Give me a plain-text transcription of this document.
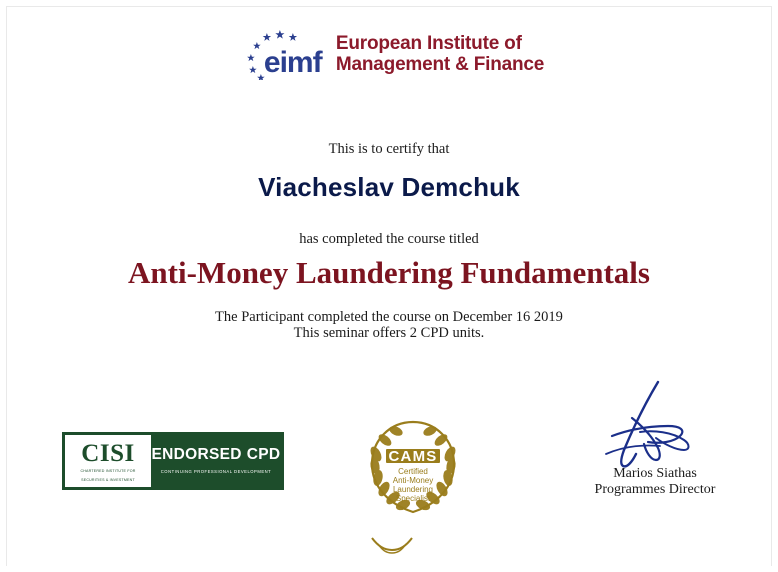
eimf
European Institute of
Management & Finance
This is to certify that
Viacheslav Demchuk
has completed the course titled
Anti-Money Laundering Fundamentals
The Participant completed the course on December 16 2019
This seminar offers 2 CPD units.
CISI
CHARTERED INSTITUTE FOR
SECURITIES & INVESTMENT
ENDORSED CPD
CONTINUING PROFESSIONAL DEVELOPMENT
CAMS
Certified
Anti-Money
Laundering
Specialist
Marios Siathas
Programmes Director
